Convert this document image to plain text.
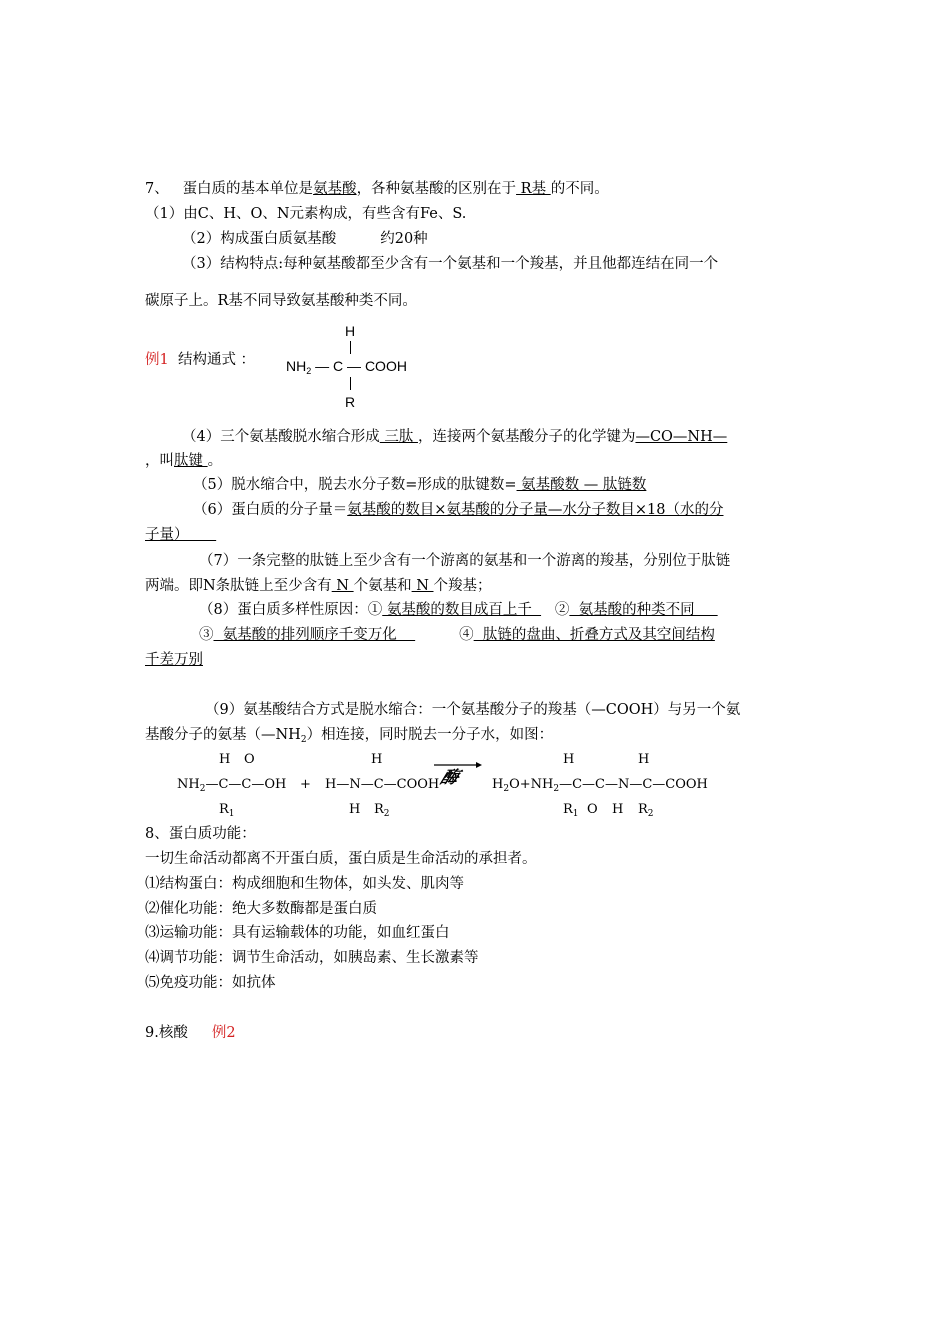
7、 蛋白质的基本单位是氨基酸，各种氨基酸的区别在于 R基 的不同。
（1）由C、H、O、N元素构成，有些含有Fe、S.
（2）构成蛋白质氨基酸	约20种
（3）结构特点:每种氨基酸都至少含有一个氨基和一个羧基，并且他都连结在同一个
碳原子上。R基不同导致氨基酸种类不同。
例1 结构通式 ：
H
$NH_2$ — C — COOH
R
（4）三个氨基酸脱水缩合形成 三肽 ，连接两个氨基酸分子的化学键为—CO—NH—
，叫肽键 。
（5）脱水缩合中，脱去水分子数=形成的肽键数= 氨基酸数 — 肽链数
（6）蛋白质的分子量＝氨基酸的数目×氨基酸的分子量—水分子数目×18（水的分
子量）
（7）一条完整的肽链上至少含有一个游离的氨基和一个游离的羧基，分别位于肽链
两端。即N条肽链上至少含有 N 个氨基和 N 个羧基；
（8）蛋白质多样性原因：① 氨基酸的数目成百上千     ②  氨基酸的种类不同
③  氨基酸的排列顺序千变万化	④  肽链的盘曲、折叠方式及其空间结构
千差万别
（9）氨基酸结合方式是脱水缩合：一个氨基酸分子的羧基（—COOH）与另一个氨
基酸分子的氨基$(—NH_2)$相连接，同时脱去一分子水，如图：
H O	H	H	H
$NH_2—C—C—OH$ + H—N—C—COOH
酶 $H_2O+NH_2—C—C—N—C—COOH$
$R_1$	H $R_2$	$R_1$ O H $R_2$
8、蛋白质功能：
一切生命活动都离不开蛋白质，蛋白质是生命活动的承担者。
⑴结构蛋白：构成细胞和生物体，如头发、肌肉等
⑵催化功能：绝大多数酶都是蛋白质
⑶运输功能：具有运输载体的功能，如血红蛋白
⑷调节功能：调节生命活动，如胰岛素、生长激素等
⑸免疫功能：如抗体
9.核酸 例2
